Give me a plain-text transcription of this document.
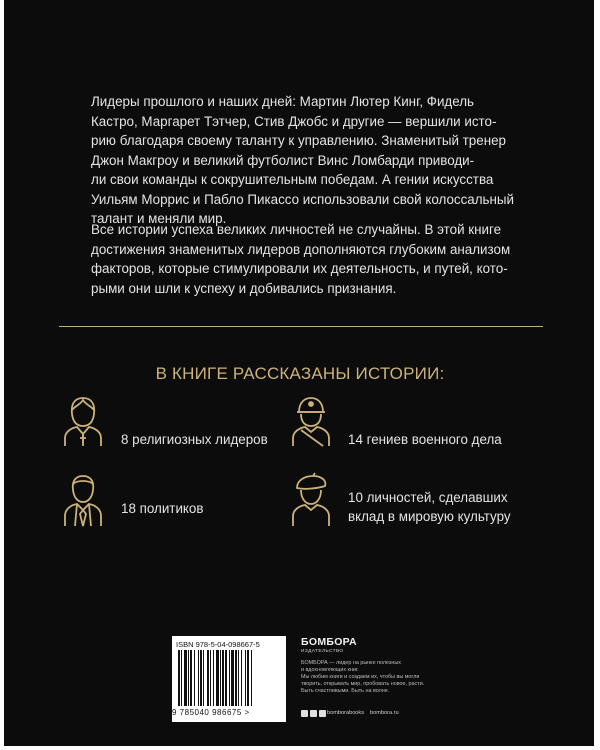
Лидеры прошлого и наших дней: Мартин Лютер Кинг, Фидель
Кастро, Маргарет Тэтчер, Стив Джобс и другие — вершили исто-
рию благодаря своему таланту к управлению. Знаменитый тренер
Джон Макгроу и великий футболист Винс Ломбарди приводи-
ли свои команды к сокрушительным победам. А гении искусства
Уильям Моррис и Пабло Пикассо использовали свой колоссальный
талант и меняли мир.

Все истории успеха великих личностей не случайны. В этой книге
достижения знаменитых лидеров дополняются глубоким анализом
факторов, которые стимулировали их деятельность, и путей, кото-
рыми они шли к успеху и добивались признания.

В КНИГЕ РАССКАЗАНЫ ИСТОРИИ:
8 религиозных лидеров	14 гениев военного дела
18 политиков
10 личностей, сделавших
вклад в мировую культуру
ISBN 978-5-04-098667-5
9 785040 986675 >
БОМБОРА
ИЗДАТЕЛЬСТВО
БОМБОРА — лидер на рынке полезных
и вдохновляющих книг.
Мы любим книги и создаем их, чтобы вы могли
творить, открывать мир, пробовать новое, расти.
Быть счастливыми. Быть на волне.
bomborabooks bombora.ru
